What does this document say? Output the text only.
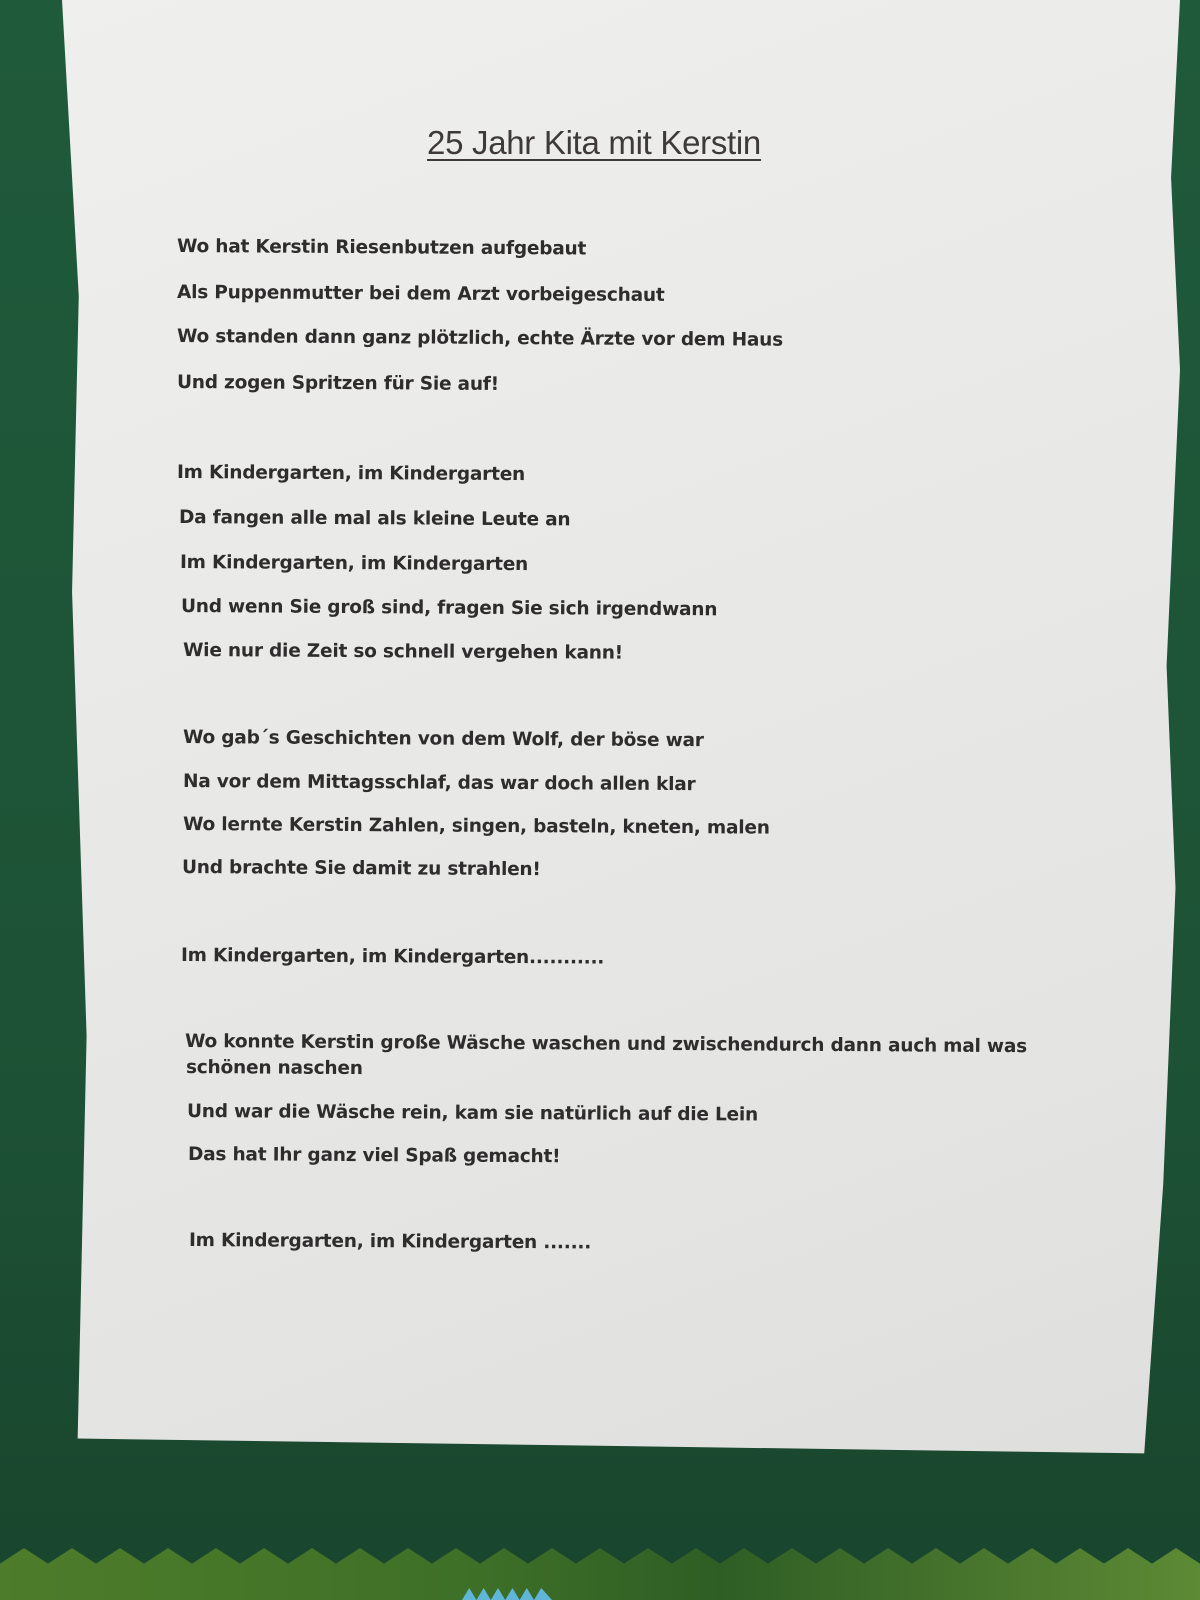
25 Jahr Kita mit Kerstin
Wo hat Kerstin Riesenbutzen aufgebaut
Als Puppenmutter bei dem Arzt vorbeigeschaut
Wo standen dann ganz plötzlich, echte Ärzte vor dem Haus
Und zogen Spritzen für Sie auf!
Im Kindergarten, im Kindergarten
Da fangen alle mal als kleine Leute an
Im Kindergarten, im Kindergarten
Und wenn Sie groß sind, fragen Sie sich irgendwann
Wie nur die Zeit so schnell vergehen kann!
Wo gab´s Geschichten von dem Wolf, der böse war
Na vor dem Mittagsschlaf, das war doch allen klar
Wo lernte Kerstin Zahlen, singen, basteln, kneten, malen
Und brachte Sie damit zu strahlen!
Im Kindergarten, im Kindergarten...........
Wo konnte Kerstin große Wäsche waschen und zwischendurch dann auch mal was
schönen naschen
Und war die Wäsche rein, kam sie natürlich auf die Lein
Das hat Ihr ganz viel Spaß gemacht!
Im Kindergarten, im Kindergarten .......
